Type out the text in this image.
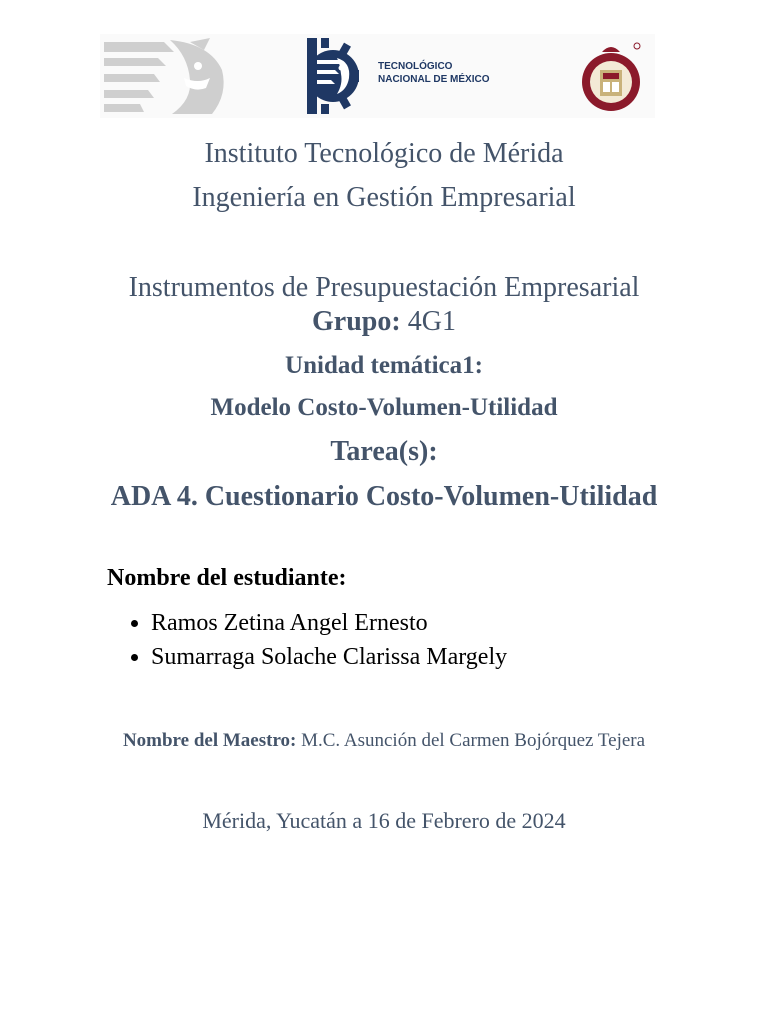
TECNOLÓGICO
NACIONAL DE MÉXICO
Instituto Tecnológico de Mérida
Ingeniería en Gestión Empresarial
Instrumentos de Presupuestación Empresarial
Grupo: 4G1
Unidad temática1:
Modelo Costo-Volumen-Utilidad
Tarea(s):
ADA 4. Cuestionario Costo-Volumen-Utilidad
Nombre del estudiante:
Ramos Zetina Angel Ernesto
Sumarraga Solache Clarissa Margely
Nombre del Maestro: M.C. Asunción del Carmen Bojórquez Tejera
Mérida, Yucatán a 16 de Febrero de 2024
